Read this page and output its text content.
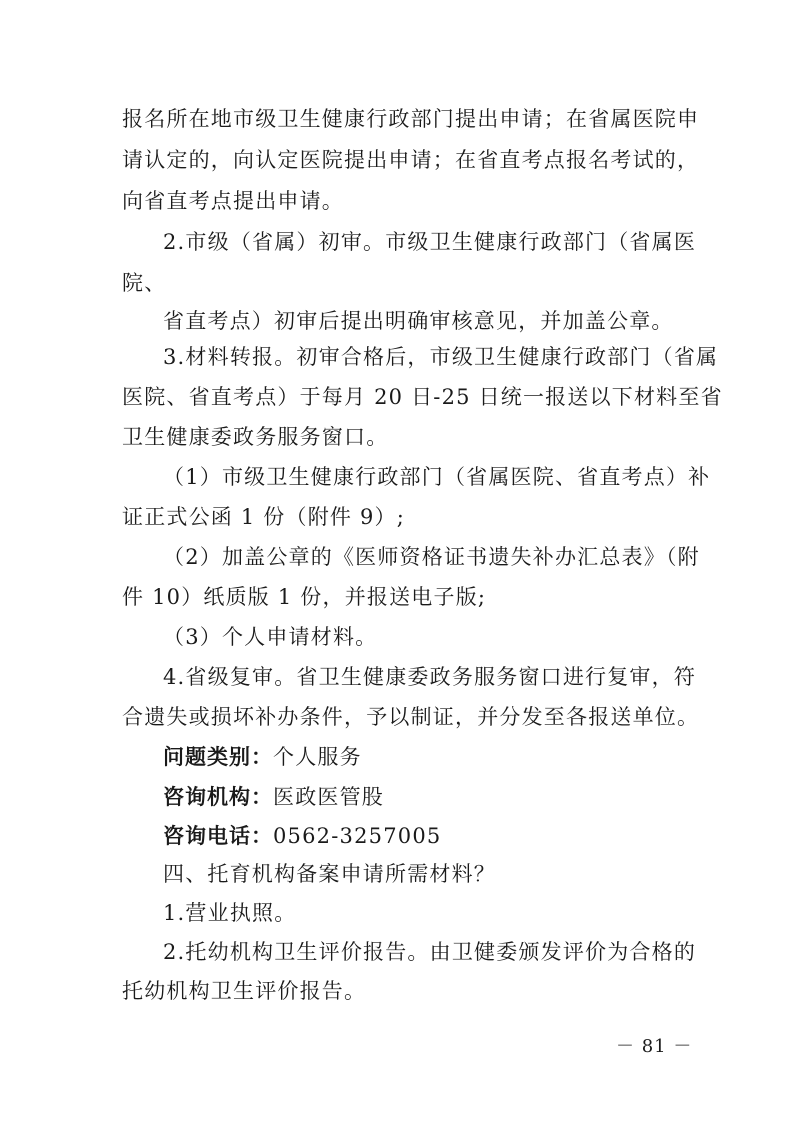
报名所在地市级卫生健康行政部门提出申请；在省属医院申
请认定的，向认定医院提出申请；在省直考点报名考试的，
向省直考点提出申请。
2.市级（省属）初审。市级卫生健康行政部门（省属医
院、
省直考点）初审后提出明确审核意见，并加盖公章。
3.材料转报。初审合格后，市级卫生健康行政部门（省属
医院、省直考点）于每月 20 日-25 日统一报送以下材料至省
卫生健康委政务服务窗口。
（1）市级卫生健康行政部门（省属医院、省直考点）补
证正式公函 1 份（附件 9）;
（2）加盖公章的《医师资格证书遗失补办汇总表》（附
件 10）纸质版 1 份，并报送电子版;
（3）个人申请材料。
4.省级复审。省卫生健康委政务服务窗口进行复审，符
合遗失或损坏补办条件，予以制证，并分发至各报送单位。
问题类别：个人服务
咨询机构：医政医管股
咨询电话：0562-3257005
四、托育机构备案申请所需材料？
1.营业执照。
2.托幼机构卫生评价报告。由卫健委颁发评价为合格的
托幼机构卫生评价报告。
－ 81 －
